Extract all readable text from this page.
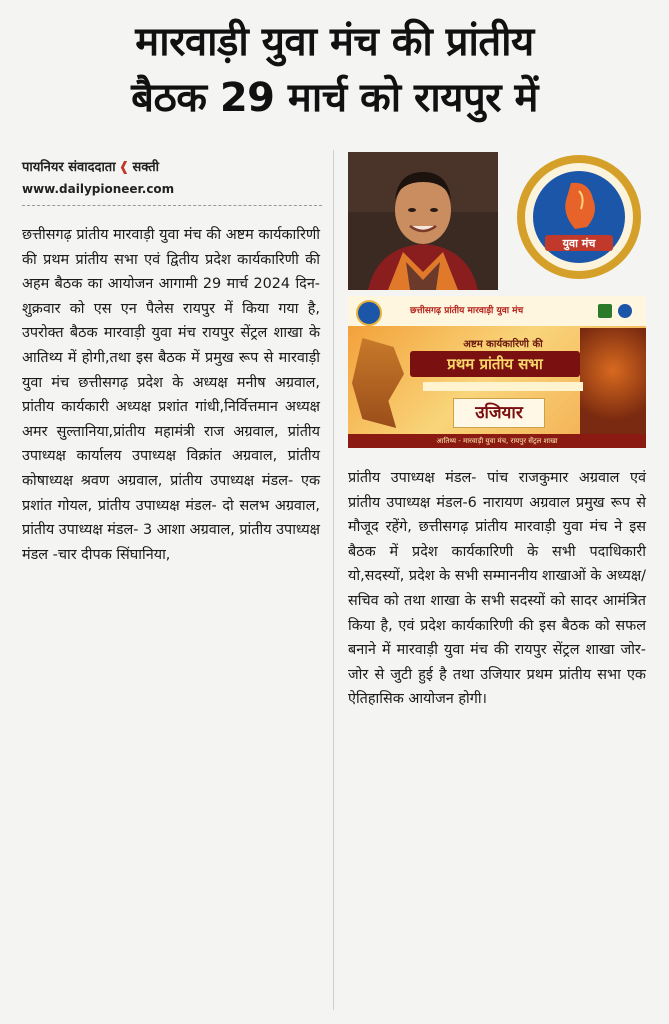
मारवाड़ी युवा मंच की प्रांतीय
बैठक 29 मार्च को रायपुर में
पायनियर संवाददाता ❰ सक्ती
www.dailypioneer.com
छत्तीसगढ़ प्रांतीय मारवाड़ी युवा मंच की अष्टम कार्यकारिणी की प्रथम प्रांतीय सभा एवं द्वितीय प्रदेश कार्यकारिणी की अहम बैठक का आयोजन आगामी 29 मार्च 2024 दिन- शुक्रवार को एस एन पैलेस रायपुर में किया गया है, उपरोक्त बैठक मारवाड़ी युवा मंच रायपुर सेंट्रल शाखा के आतिथ्य में होगी,तथा इस बैठक में प्रमुख रूप से मारवाड़ी युवा मंच छत्तीसगढ़ प्रदेश के अध्यक्ष मनीष अग्रवाल, प्रांतीय कार्यकारी अध्यक्ष प्रशांत गांधी,निर्वित्तमान अध्यक्ष अमर सुल्तानिया,प्रांतीय महामंत्री राज अग्रवाल, प्रांतीय उपाध्यक्ष कार्यालय उपाध्यक्ष विक्रांत अग्रवाल, प्रांतीय कोषाध्यक्ष श्रवण अग्रवाल, प्रांतीय उपाध्यक्ष मंडल- एक प्रशांत गोयल, प्रांतीय उपाध्यक्ष मंडल- दो सलभ अग्रवाल, प्रांतीय उपाध्यक्ष मंडल- 3 आशा अग्रवाल, प्रांतीय उपाध्यक्ष मंडल -चार दीपक सिंघानिया,
युवा मंच
छत्तीसगढ़ प्रांतीय मारवाड़ी युवा मंच
अष्टम कार्यकारिणी की
प्रथम प्रांतीय सभा
उजियार
आतिथ्य - मारवाड़ी युवा मंच, रायपुर सेंट्रल शाखा
प्रांतीय उपाध्यक्ष मंडल- पांच राजकुमार अग्रवाल एवं प्रांतीय उपाध्यक्ष मंडल-6 नारायण अग्रवाल प्रमुख रूप से मौजूद रहेंगे, छत्तीसगढ़ प्रांतीय मारवाड़ी युवा मंच ने इस बैठक में प्रदेश कार्यकारिणी के सभी पदाधिकारी यो,सदस्यों, प्रदेश के सभी सम्माननीय शाखाओं के अध्यक्ष/ सचिव को तथा शाखा के सभी सदस्यों को सादर आमंत्रित किया है, एवं प्रदेश कार्यकारिणी की इस बैठक को सफल बनाने में मारवाड़ी युवा मंच की रायपुर सेंट्रल शाखा जोर-जोर से जुटी हुई है तथा उजियार प्रथम प्रांतीय सभा एक ऐतिहासिक आयोजन होगी।
